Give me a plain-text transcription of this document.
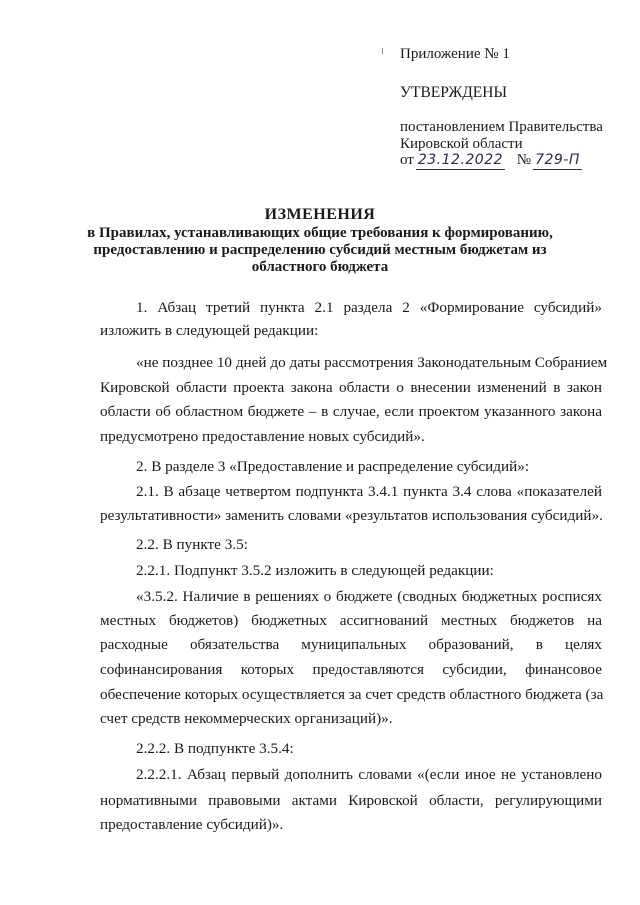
Приложение № 1
УТВЕРЖДЕНЫ
постановлением Правительства
Кировской области
от 23.12.2022 № 729-П
ИЗМЕНЕНИЯ
в Правилах, устанавливающих общие требования к формированию,
предоставлению и распределению субсидий местным бюджетам из
областного бюджета
1. Абзац третий пункта 2.1 раздела 2 «Формирование субсидий»
изложить в следующей редакции:
«не позднее 10 дней до даты рассмотрения Законодательным Собранием
Кировской области проекта закона области о внесении изменений в закон
области об областном бюджете – в случае, если проектом указанного закона
предусмотрено предоставление новых субсидий».
2. В разделе 3 «Предоставление и распределение субсидий»:
2.1. В абзаце четвертом подпункта 3.4.1 пункта 3.4 слова «показателей
результативности» заменить словами «результатов использования субсидий».
2.2. В пункте 3.5:
2.2.1. Подпункт 3.5.2 изложить в следующей редакции:
«3.5.2. Наличие в решениях о бюджете (сводных бюджетных росписях
местных бюджетов) бюджетных ассигнований местных бюджетов на
расходные обязательства муниципальных образований, в целях
софинансирования которых предоставляются субсидии, финансовое
обеспечение которых осуществляется за счет средств областного бюджета (за
счет средств некоммерческих организаций)».
2.2.2. В подпункте 3.5.4:
2.2.2.1. Абзац первый дополнить словами «(если иное не установлено
нормативными правовыми актами Кировской области, регулирующими
предоставление субсидий)».
